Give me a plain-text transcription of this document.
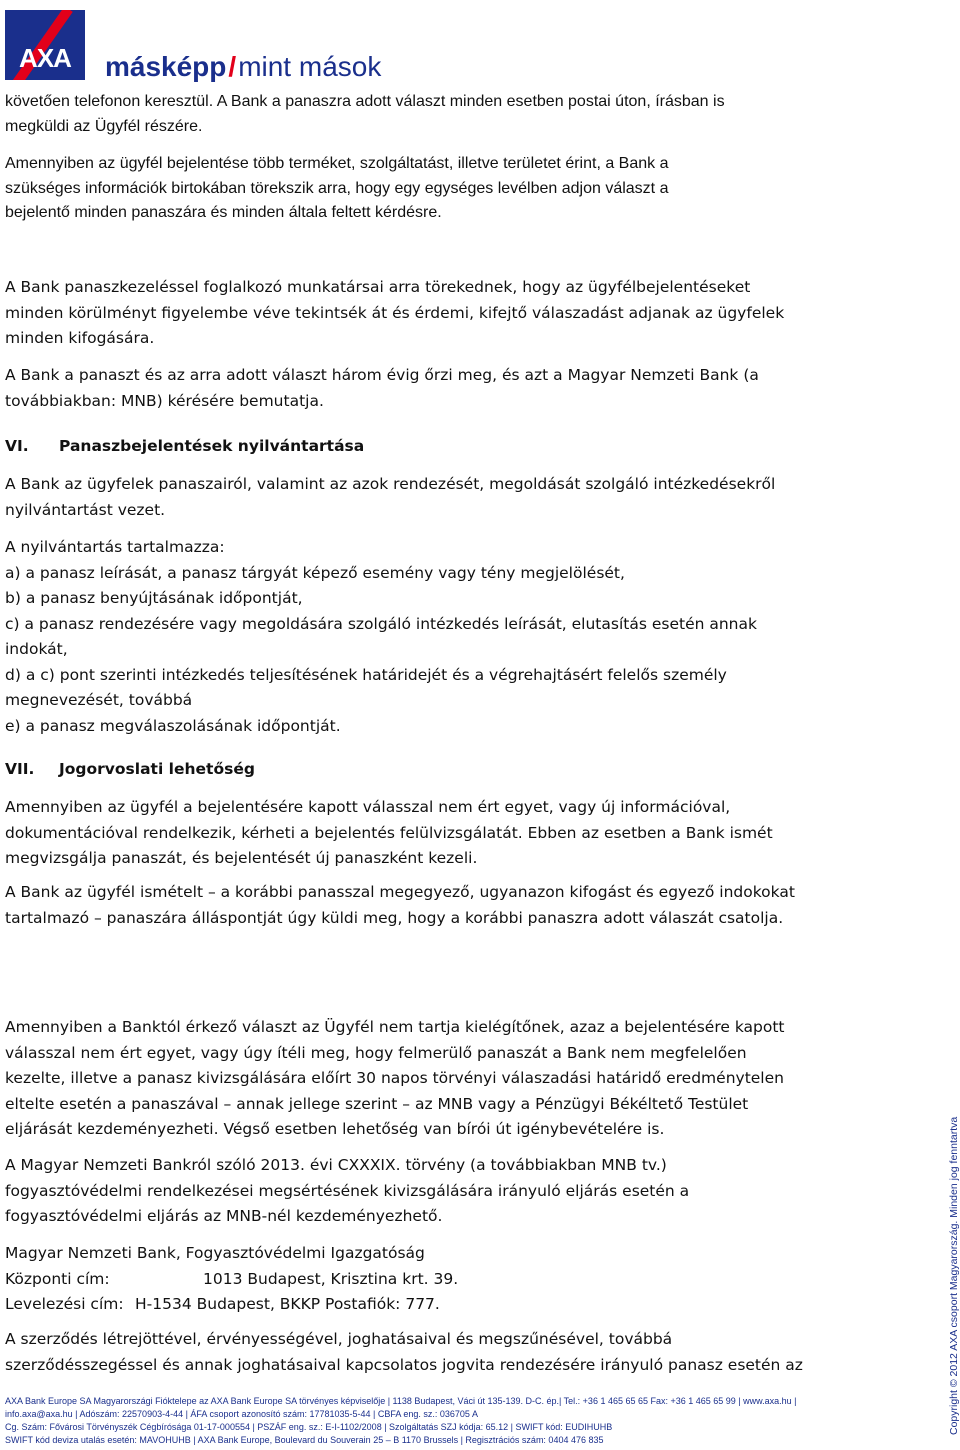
AXA	másképp/mint mások
követően telefonon keresztül. A Bank a panaszra adott választ minden esetben postai úton, írásban is
megküldi az Ügyfél részére.
Amennyiben az ügyfél bejelentése több terméket, szolgáltatást, illetve területet érint, a Bank a
szükséges információk birtokában törekszik arra, hogy egy egységes levélben adjon választ a
bejelentő minden panaszára és minden általa feltett kérdésre.
A Bank panaszkezeléssel foglalkozó munkatársai arra törekednek, hogy az ügyfélbejelentéseket
minden körülményt figyelembe véve tekintsék át és érdemi, kifejtő válaszadást adjanak az ügyfelek
minden kifogására.
A Bank a panaszt és az arra adott választ három évig őrzi meg, és azt a Magyar Nemzeti Bank (a
továbbiakban: MNB) kérésére bemutatja.
VI. Panaszbejelentések nyilvántartása
A Bank az ügyfelek panaszairól, valamint az azok rendezését, megoldását szolgáló intézkedésekről
nyilvántartást vezet.
A nyilvántartás tartalmazza:
a) a panasz leírását, a panasz tárgyát képező esemény vagy tény megjelölését,
b) a panasz benyújtásának időpontját,
c) a panasz rendezésére vagy megoldására szolgáló intézkedés leírását, elutasítás esetén annak
indokát,
d) a c) pont szerinti intézkedés teljesítésének határidejét és a végrehajtásért felelős személy
megnevezését, továbbá
e) a panasz megválaszolásának időpontját.
VII. Jogorvoslati lehetőség
Amennyiben az ügyfél a bejelentésére kapott válasszal nem ért egyet, vagy új információval,
dokumentációval rendelkezik, kérheti a bejelentés felülvizsgálatát. Ebben az esetben a Bank ismét
megvizsgálja panaszát, és bejelentését új panaszként kezeli.
A Bank az ügyfél ismételt – a korábbi panasszal megegyező, ugyanazon kifogást és egyező indokokat
tartalmazó – panaszára álláspontját úgy küldi meg, hogy a korábbi panaszra adott válaszát csatolja.
Amennyiben a Banktól érkező választ az Ügyfél nem tartja kielégítőnek, azaz a bejelentésére kapott
válasszal nem ért egyet, vagy úgy ítéli meg, hogy felmerülő panaszát a Bank nem megfelelően
kezelte, illetve a panasz kivizsgálására előírt 30 napos törvényi válaszadási határidő eredménytelen
eltelte esetén a panaszával – annak jellege szerint – az MNB vagy a Pénzügyi Békéltető Testület
eljárását kezdeményezheti. Végső esetben lehetőség van bírói út igénybevételére is.
A Magyar Nemzeti Bankról szóló 2013. évi CXXXIX. törvény (a továbbiakban MNB tv.)
fogyasztóvédelmi rendelkezései megsértésének kivizsgálására irányuló eljárás esetén a
fogyasztóvédelmi eljárás az MNB-nél kezdeményezhető.
Magyar Nemzeti Bank, Fogyasztóvédelmi Igazgatóság
Központi cím:	1013 Budapest, Krisztina krt. 39.
Levelezési cím: H-1534 Budapest, BKKP Postafiók: 777.
A szerződés létrejöttével, érvényességével, joghatásaival és megszűnésével, továbbá
szerződésszegéssel és annak joghatásaival kapcsolatos jogvita rendezésére irányuló panasz esetén az
AXA Bank Europe SA Magyarországi Fióktelepe az AXA Bank Europe SA törvényes képviselője | 1138 Budapest, Váci út 135-139. D-C. ép.| Tel.: +36 1 465 65 65 Fax: +36 1 465 65 99 | www.axa.hu |
info.axa@axa.hu | Adószám: 22570903-4-44 | ÁFA csoport azonosító szám: 17781035-5-44 | CBFA eng. sz.: 036705 A
Cg. Szám: Fővárosi Törvényszék Cégbírósága 01-17-000554 | PSZÁF eng. sz.: E-I-1102/2008 | Szolgáltatás SZJ kódja: 65.12 | SWIFT kód: EUDIHUHB
SWIFT kód deviza utalás esetén: MAVOHUHB | AXA Bank Europe, Boulevard du Souverain 25 – B 1170 Brussels | Regisztrációs szám: 0404 476 835
Copyright © 2012 AXA csoport Magyarország. Minden jog fenntartva
